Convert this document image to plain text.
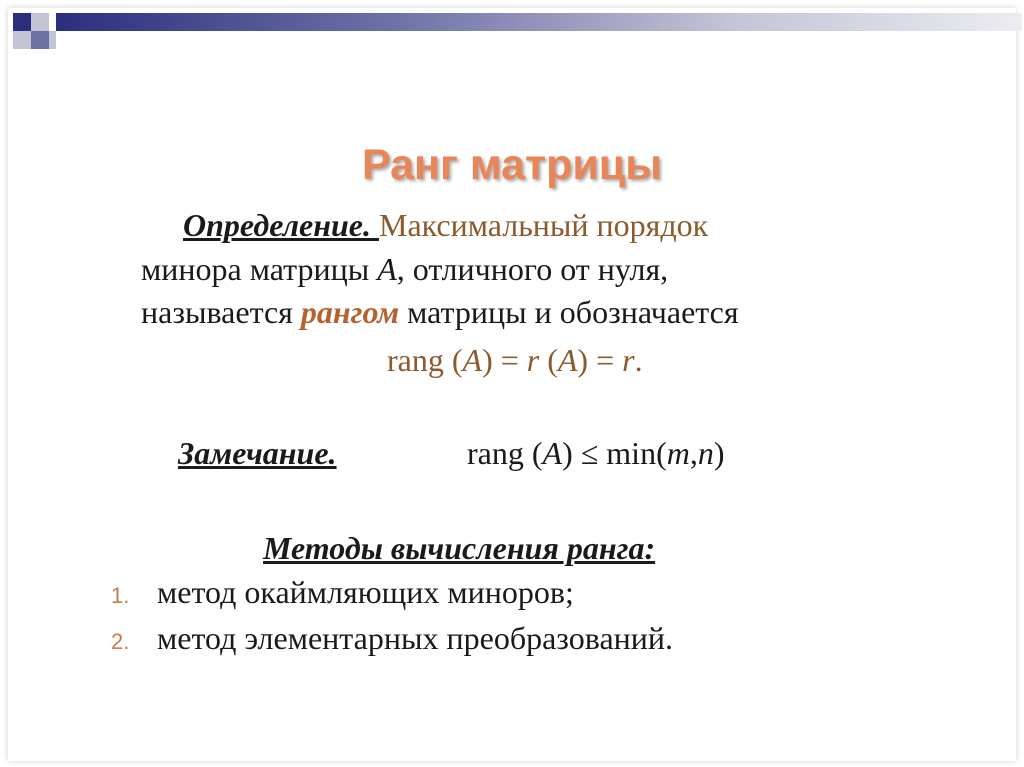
Ранг матрицы
Определение. Максимальный порядок
минора матрицы A, отличного от нуля,
называется рангом матрицы и обозначается
rang (A) = r (A) = r.
Замечание.	rang (A) ≤ min(m,n)
Методы вычисления ранга:
1. метод окаймляющих миноров;
2. метод элементарных преобразований.
